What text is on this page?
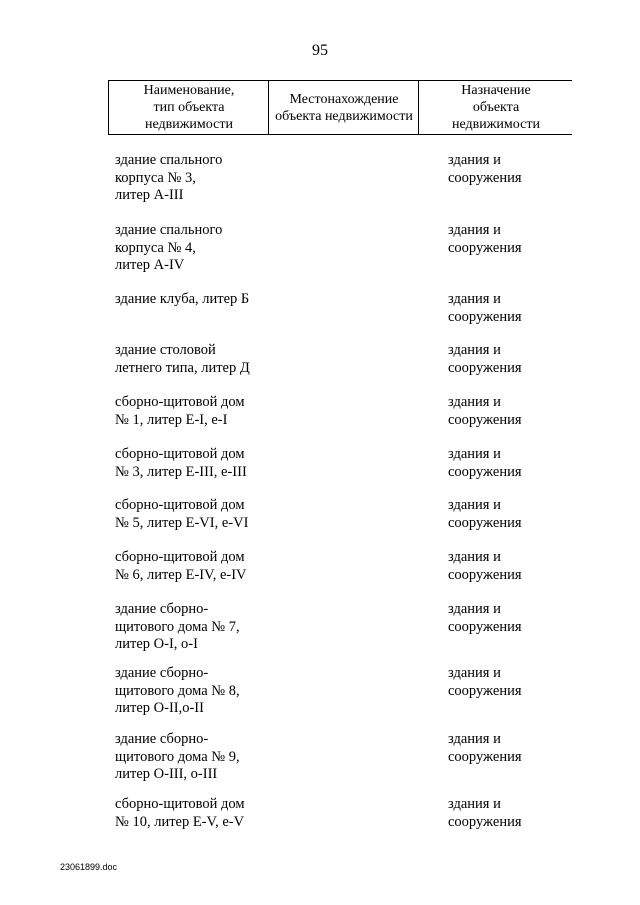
95
Наименование,
тип объекта
недвижимости
Местонахождение
объекта недвижимости
Назначение
объекта
недвижимости
здание спального
корпуса № 3,
литер А-III
здания и
сооружения
здание спального
корпуса № 4,
литер А-IV
здания и
сооружения
здание клуба, литер Б	здания и
сооружения
здание столовой
летнего типа, литер Д
здания и
сооружения
сборно-щитовой дом
№ 1, литер Е-I, е-I
здания и
сооружения
сборно-щитовой дом
№ 3, литер Е-III, е-III
здания и
сооружения
сборно-щитовой дом
№ 5, литер Е-VI, е-VI
здания и
сооружения
сборно-щитовой дом
№ 6, литер Е-IV, е-IV
здания и
сооружения
здание сборно-
щитового дома № 7,
литер О-I, о-I
здания и
сооружения
здание сборно-
щитового дома № 8,
литер О-II,о-II
здания и
сооружения
здание сборно-
щитового дома № 9,
литер О-III, о-III
здания и
сооружения
сборно-щитовой дом
№ 10, литер Е-V, е-V
здания и
сооружения
23061899.doc
